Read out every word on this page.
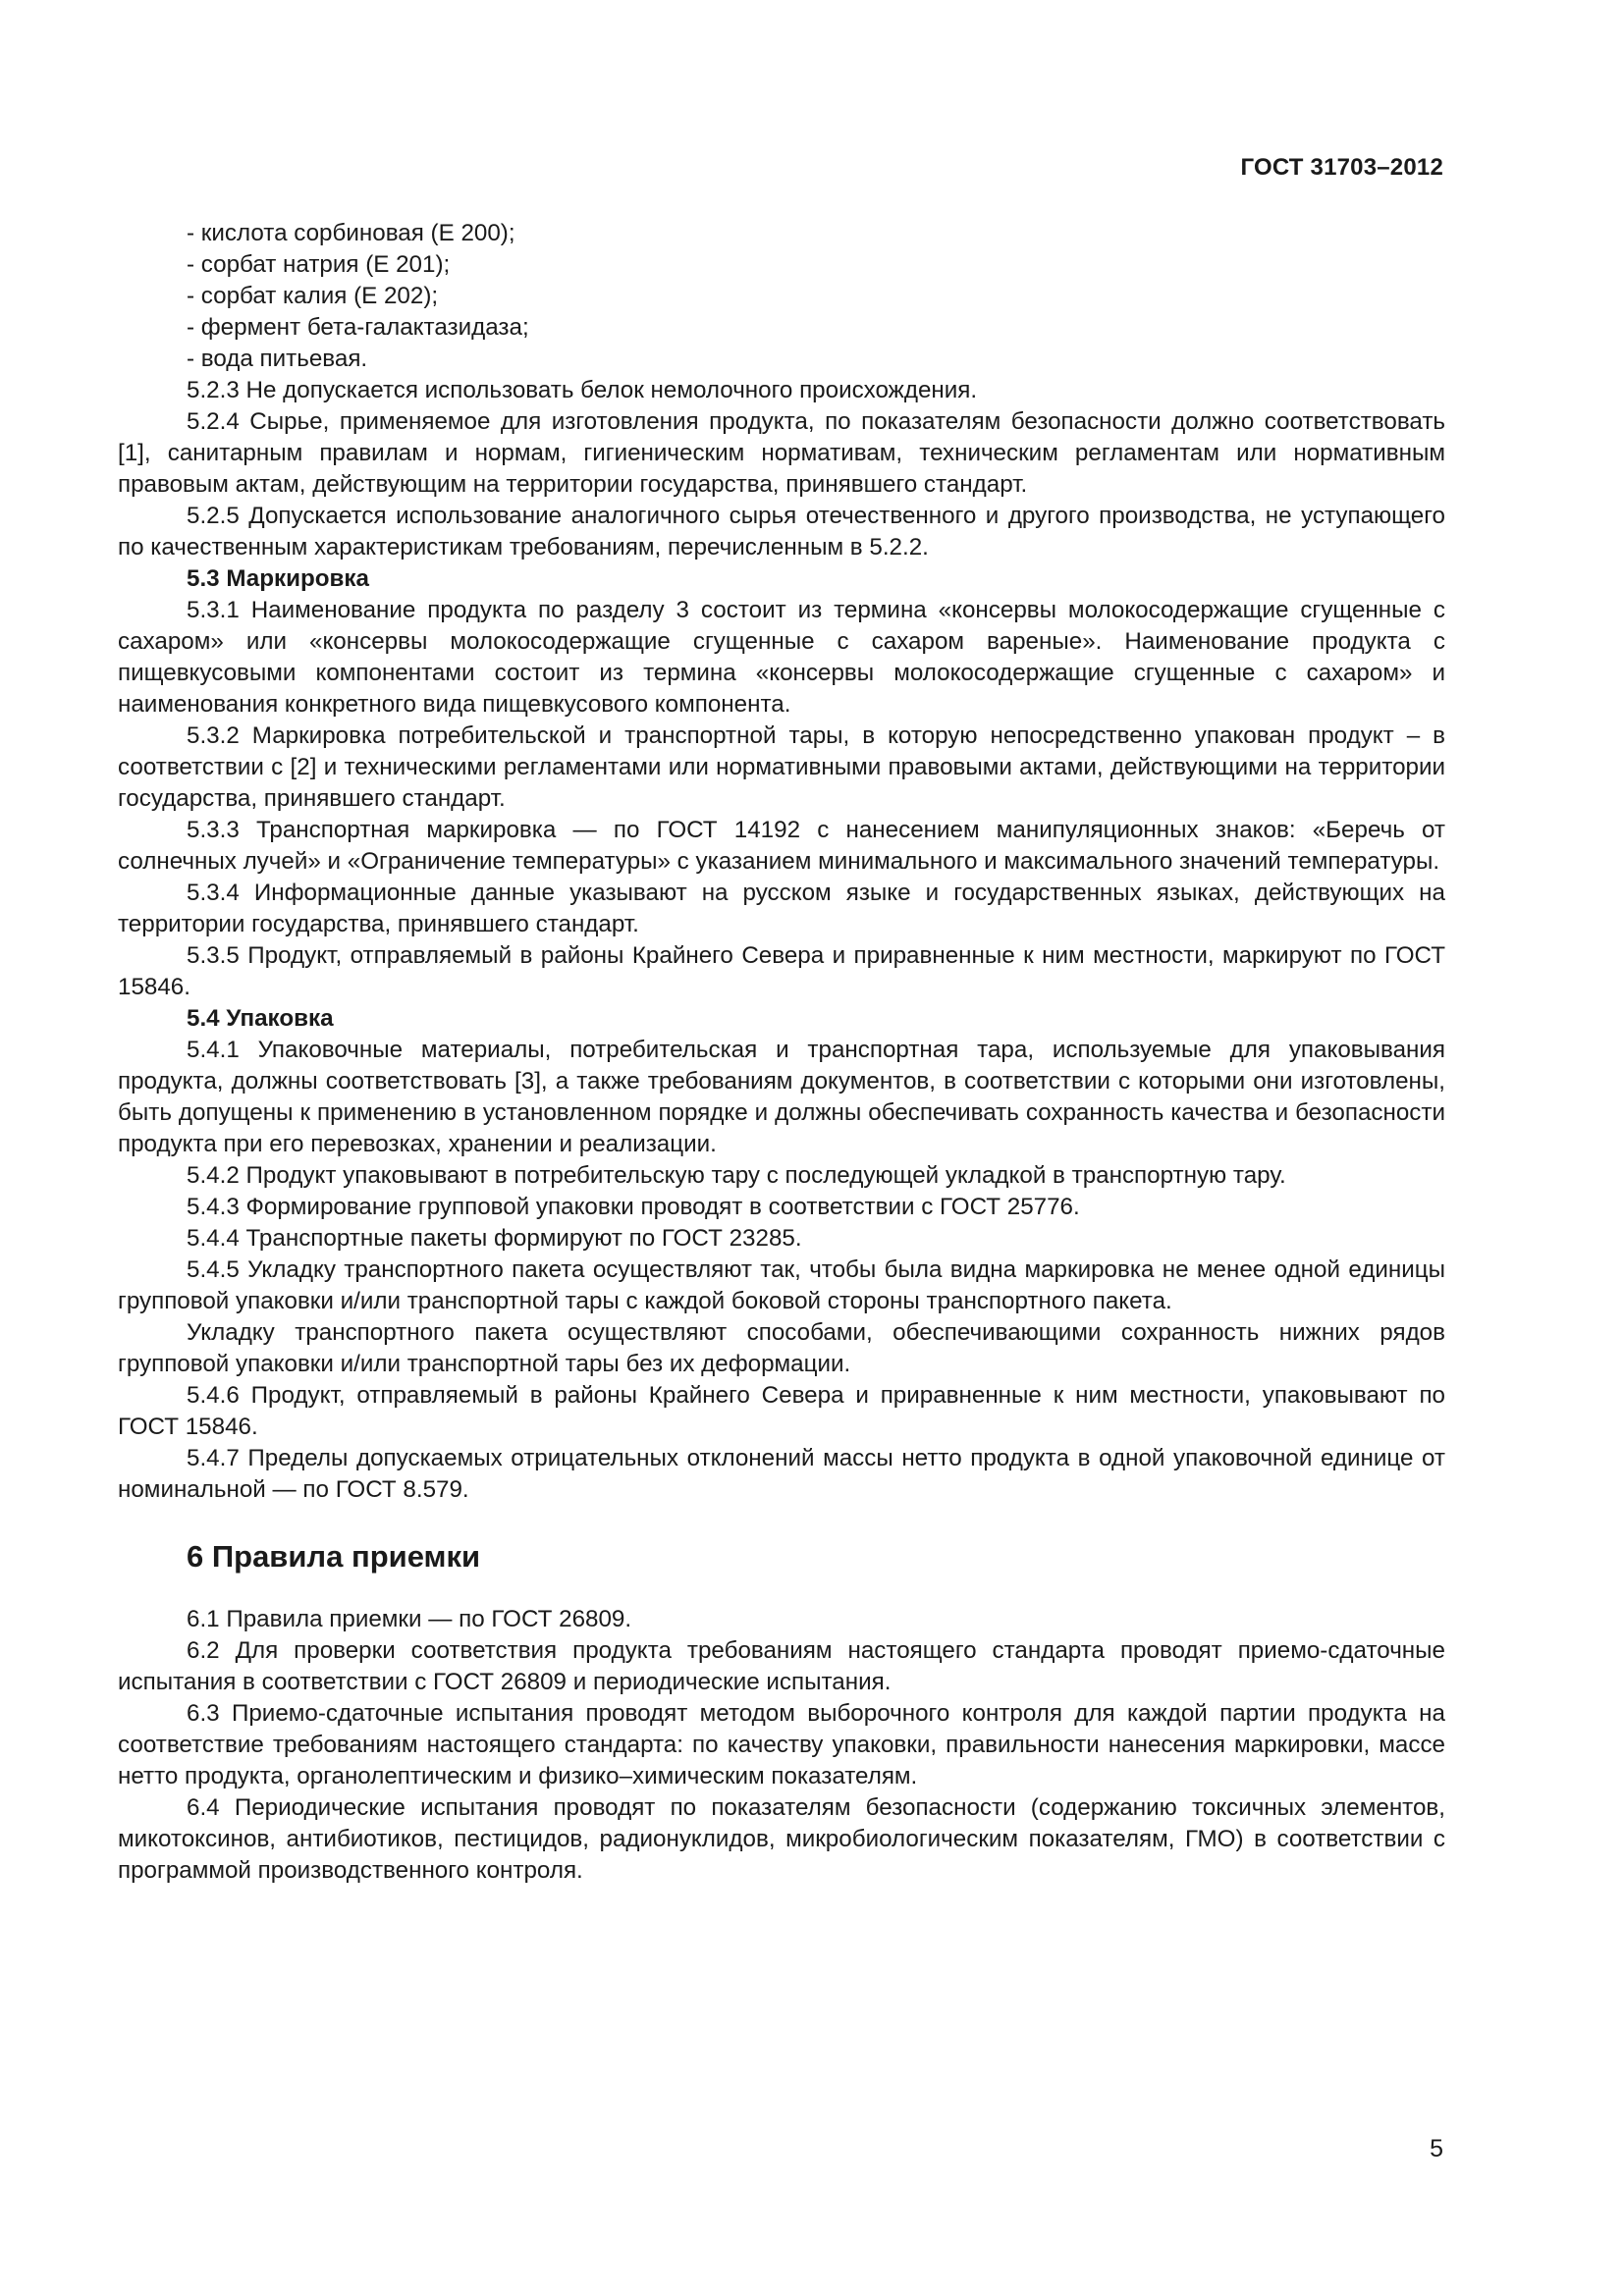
ГОСТ 31703–2012

- кислота сорбиновая (Е 200);

- сорбат натрия (Е 201);

- сорбат калия (Е 202);

- фермент бета-галактазидаза;

- вода питьевая.

5.2.3 Не допускается использовать белок немолочного происхождения.

5.2.4 Сырье, применяемое для изготовления продукта, по показателям безопасности должно соответствовать [1], санитарным правилам и нормам, гигиеническим нормативам, техническим регламентам или нормативным правовым актам, действующим на территории государства, принявшего стандарт.

5.2.5 Допускается использование аналогичного сырья отечественного и другого производства, не уступающего по качественным характеристикам требованиям, перечисленным в 5.2.2.

5.3 Маркировка

5.3.1 Наименование продукта по разделу 3 состоит из термина «консервы молокосодержащие сгущенные с сахаром» или «консервы молокосодержащие сгущенные с сахаром вареные». Наименование продукта с пищевкусовыми компонентами состоит из термина «консервы молокосодержащие сгущенные с сахаром» и наименования конкретного вида пищевкусового компонента.

5.3.2 Маркировка потребительской и транспортной тары, в которую непосредственно упакован продукт – в соответствии с [2] и техническими регламентами или нормативными правовыми актами, действующими на территории государства, принявшего стандарт.

5.3.3 Транспортная маркировка — по ГОСТ 14192 с нанесением манипуляционных знаков: «Беречь от солнечных лучей» и «Ограничение температуры» с указанием минимального и максимального значений температуры.

5.3.4 Информационные данные указывают на русском языке и государственных языках, действующих на территории государства, принявшего стандарт.

5.3.5 Продукт, отправляемый в районы Крайнего Севера и приравненные к ним местности, маркируют по ГОСТ 15846.

5.4 Упаковка

5.4.1 Упаковочные материалы, потребительская и транспортная тара, используемые для упаковывания продукта, должны соответствовать [3], а также требованиям документов, в соответствии с которыми они изготовлены, быть допущены к применению в установленном порядке и должны обеспечивать сохранность качества и безопасности продукта при его перевозках, хранении и реализации.

5.4.2 Продукт упаковывают в потребительскую тару с последующей укладкой в транспортную тару.

5.4.3 Формирование групповой упаковки проводят в соответствии с ГОСТ 25776.

5.4.4 Транспортные пакеты формируют по ГОСТ 23285.

5.4.5 Укладку транспортного пакета осуществляют так, чтобы была видна маркировка не менее одной единицы групповой упаковки и/или транспортной тары с каждой боковой стороны транспортного пакета.

Укладку транспортного пакета осуществляют способами, обеспечивающими сохранность нижних рядов групповой упаковки и/или транспортной тары без их деформации.

5.4.6 Продукт, отправляемый в районы Крайнего Севера и приравненные к ним местности, упаковывают по ГОСТ 15846.

5.4.7 Пределы допускаемых отрицательных отклонений массы нетто продукта в одной упаковочной единице от номинальной — по ГОСТ 8.579.

6 Правила приемки

6.1 Правила приемки — по ГОСТ 26809.

6.2 Для проверки соответствия продукта требованиям настоящего стандарта проводят приемо-сдаточные испытания в соответствии с ГОСТ 26809 и периодические испытания.

6.3 Приемо-сдаточные испытания проводят методом выборочного контроля для каждой партии продукта на соответствие требованиям настоящего стандарта: по качеству упаковки, правильности нанесения маркировки, массе нетто продукта, органолептическим и физико–химическим показателям.

6.4 Периодические испытания проводят по показателям безопасности (содержанию токсичных элементов, микотоксинов, антибиотиков, пестицидов, радионуклидов, микробиологическим показателям, ГМО) в соответствии с программой производственного контроля.

5
